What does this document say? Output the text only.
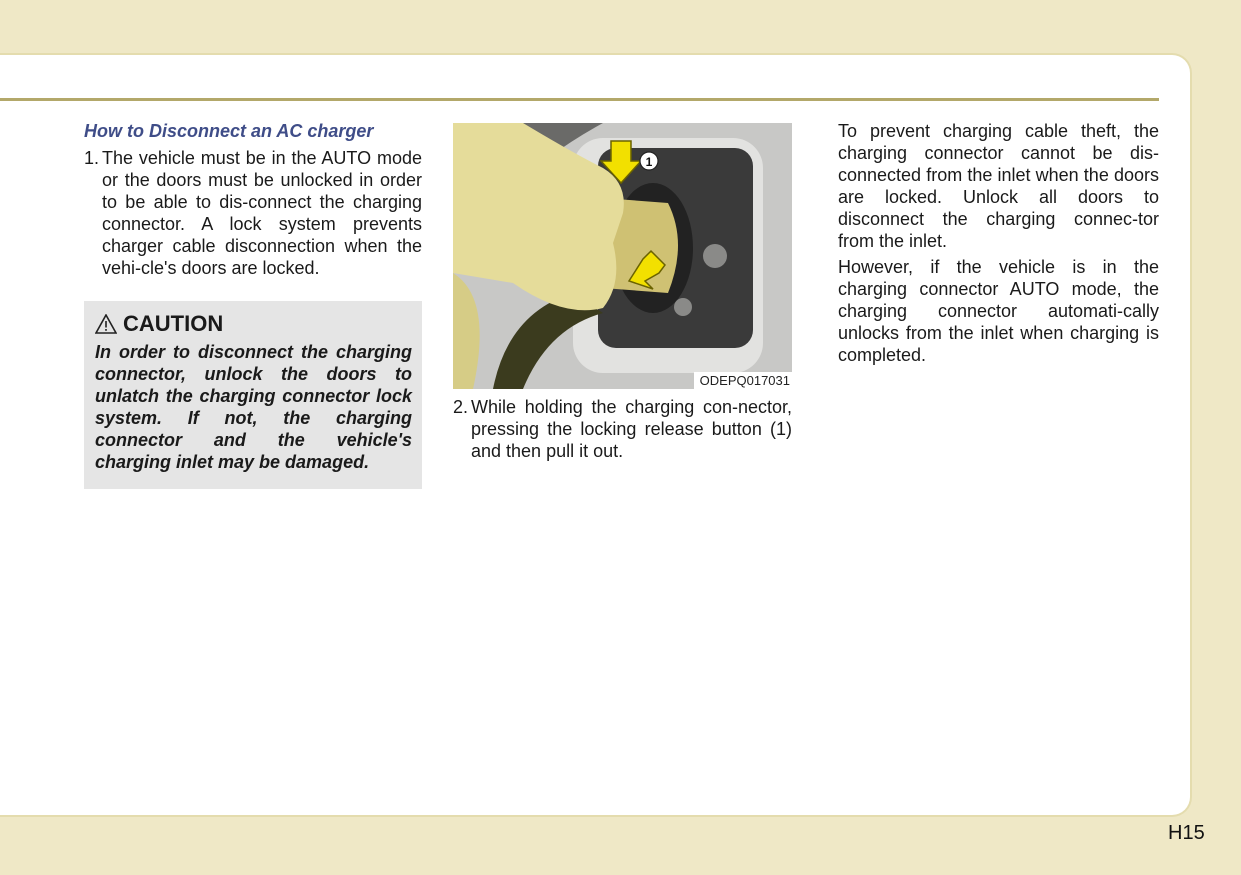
How to Disconnect an AC charger
1. The vehicle must be in the AUTO mode or the doors must be unlocked in order to be able to dis-connect the charging connector. A lock system prevents charger cable disconnection when the vehi-cle's doors are locked.
CAUTION
In order to disconnect the charging connector, unlock the doors to unlatch the charging connector lock system. If not, the charging connector and the vehicle's charging inlet may be damaged.
1
ODEPQ017031
2. While holding the charging con-nector, pressing the locking release button (1) and then pull it out.

To prevent charging cable theft, the charging connector cannot be dis-connected from the inlet when the doors are locked. Unlock all doors to disconnect the charging connec-tor from the inlet.

However, if the vehicle is in the charging connector AUTO mode, the charging connector automati-cally unlocks from the inlet when charging is completed.

H15
